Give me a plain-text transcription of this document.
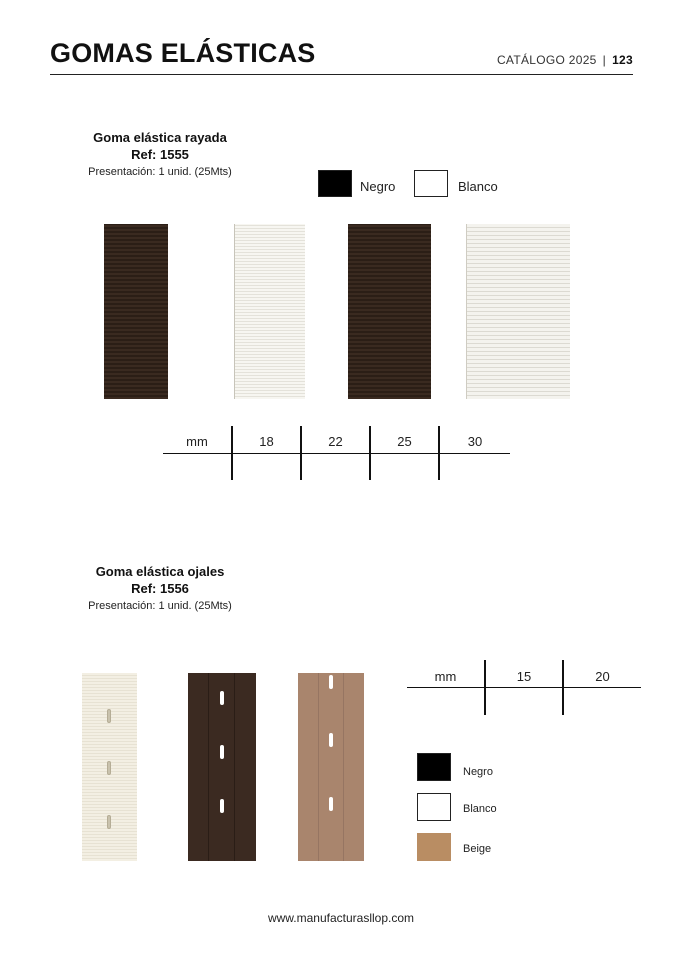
GOMAS ELÁSTICAS	CATÁLOGO 2025 | 123
Goma elástica rayada
Ref: 1555
Presentación: 1 unid. (25Mts)
Negro	Blanco
mm	18	22	25	30
Goma elástica ojales
Ref: 1556
Presentación: 1 unid. (25Mts)
mm	15	20
Negro
Blanco
Beige
www.manufacturasllop.com
